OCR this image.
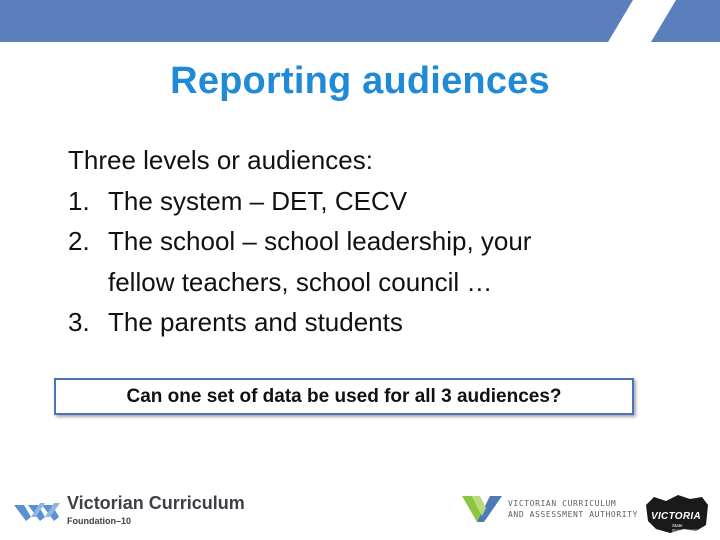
Reporting audiences
Three levels or audiences:
1. The system – DET, CECV
2. The school – school leadership, your
fellow teachers, school council …
3. The parents and students
Can one set of data be used for all 3 audiences?
Victorian Curriculum
Foundation–10
VICTORIAN CURRICULUM
AND ASSESSMENT AUTHORITY VICTORIA
State
Government
